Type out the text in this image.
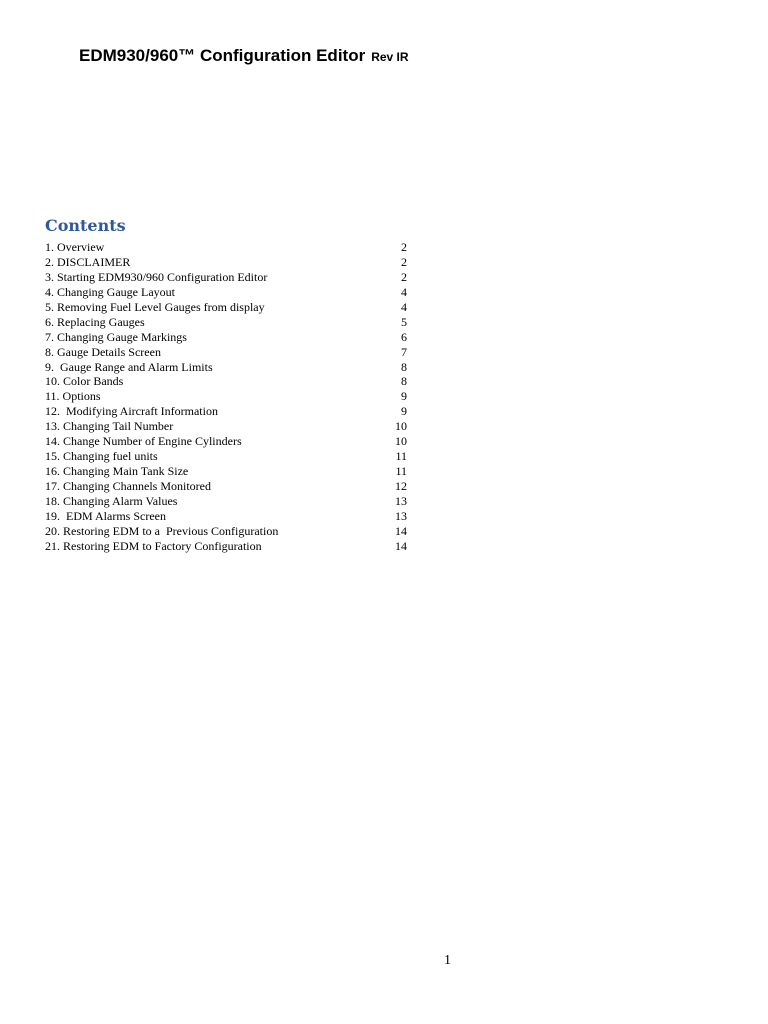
EDM930/960™ Configuration Editor Rev IR
Contents
1. Overview	2
2. DISCLAIMER	2
3. Starting EDM930/960 Configuration Editor	2
4. Changing Gauge Layout	4
5. Removing Fuel Level Gauges from display	4
6. Replacing Gauges	5
7. Changing Gauge Markings	6
8. Gauge Details Screen	7
9.  Gauge Range and Alarm Limits	8
10. Color Bands	8
11. Options	9
12.  Modifying Aircraft Information	9
13. Changing Tail Number	10
14. Change Number of Engine Cylinders	10
15. Changing fuel units	11
16. Changing Main Tank Size	11
17. Changing Channels Monitored	12
18. Changing Alarm Values	13
19.  EDM Alarms Screen	13
20. Restoring EDM to a  Previous Configuration	14
21. Restoring EDM to Factory Configuration	14
1
